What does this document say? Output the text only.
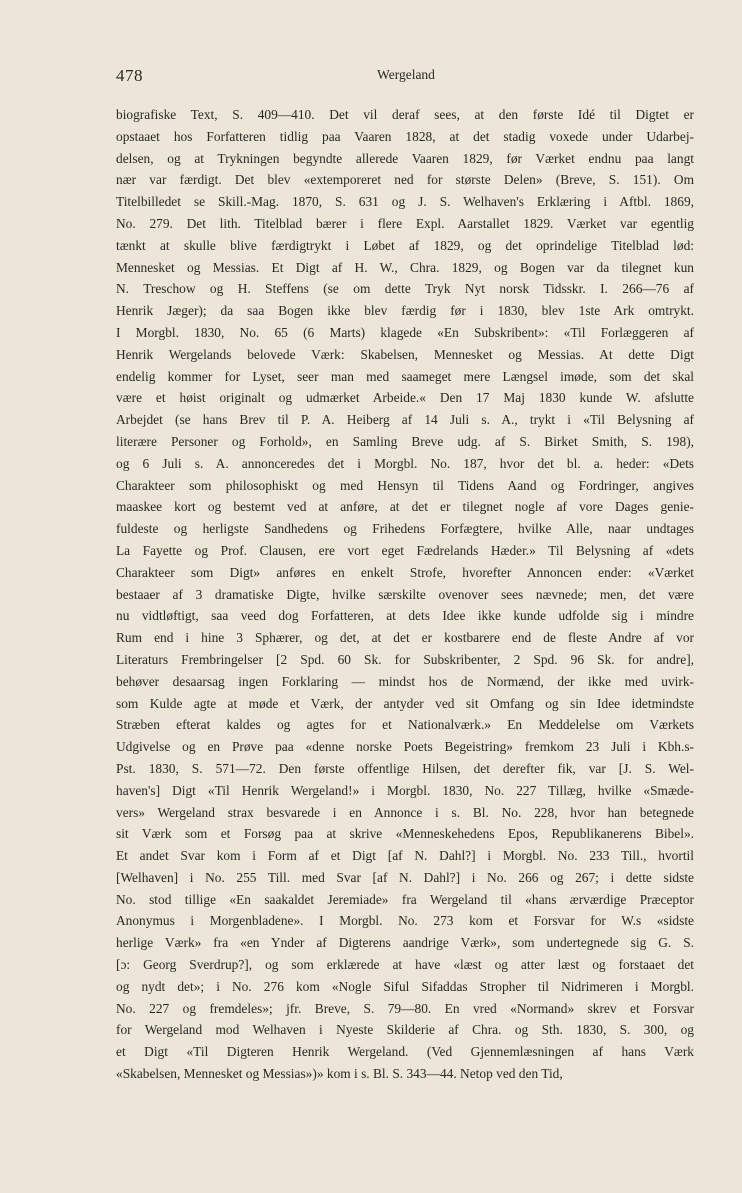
478	Wergeland
biografiske Text, S. 409—410. Det vil deraf sees, at den første Idé til Digtet er
opstaaet hos Forfatteren tidlig paa Vaaren 1828, at det stadig voxede under Udarbej-
delsen, og at Trykningen begyndte allerede Vaaren 1829, før Værket endnu paa langt
nær var færdigt. Det blev «extemporeret ned for største Delen» (Breve, S. 151). Om
Titelbilledet se Skill.-Mag. 1870, S. 631 og J. S. Welhaven's Erklæring i Aftbl. 1869,
No. 279. Det lith. Titelblad bærer i flere Expl. Aarstallet 1829. Værket var egentlig
tænkt at skulle blive færdigtrykt i Løbet af 1829, og det oprindelige Titelblad lød:
Mennesket og Messias. Et Digt af H. W., Chra. 1829, og Bogen var da tilegnet kun
N. Treschow og H. Steffens (se om dette Tryk Nyt norsk Tidsskr. I. 266—76 af
Henrik Jæger); da saa Bogen ikke blev færdig før i 1830, blev 1ste Ark omtrykt.
I Morgbl. 1830, No. 65 (6 Marts) klagede «En Subskribent»: «Til Forlæggeren af
Henrik Wergelands belovede Værk: Skabelsen, Mennesket og Messias. At dette Digt
endelig kommer for Lyset, seer man med saameget mere Længsel imøde, som det skal
være et høist originalt og udmærket Arbeide.« Den 17 Maj 1830 kunde W. afslutte
Arbejdet (se hans Brev til P. A. Heiberg af 14 Juli s. A., trykt i «Til Belysning af
literære Personer og Forhold», en Samling Breve udg. af S. Birket Smith, S. 198),
og 6 Juli s. A. annonceredes det i Morgbl. No. 187, hvor det bl. a. heder: «Dets
Charakteer som philosophiskt og med Hensyn til Tidens Aand og Fordringer, angives
maaskee kort og bestemt ved at anføre, at det er tilegnet nogle af vore Dages genie-
fuldeste og herligste Sandhedens og Frihedens Forfægtere, hvilke Alle, naar undtages
La Fayette og Prof. Clausen, ere vort eget Fædrelands Hæder.» Til Belysning af «dets
Charakteer som Digt» anføres en enkelt Strofe, hvorefter Annoncen ender: «Værket
bestaaer af 3 dramatiske Digte, hvilke særskilte ovenover sees nævnede; men, det være
nu vidtløftigt, saa veed dog Forfatteren, at dets Idee ikke kunde udfolde sig i mindre
Rum end i hine 3 Sphærer, og det, at det er kostbarere end de fleste Andre af vor
Literaturs Frembringelser [2 Spd. 60 Sk. for Subskribenter, 2 Spd. 96 Sk. for andre],
behøver desaarsag ingen Forklaring — mindst hos de Normænd, der ikke med uvirk-
som Kulde agte at møde et Værk, der antyder ved sit Omfang og sin Idee idetmindste
Stræben efterat kaldes og agtes for et Nationalværk.» En Meddelelse om Værkets
Udgivelse og en Prøve paa «denne norske Poets Begeistring» fremkom 23 Juli i Kbh.s-
Pst. 1830, S. 571—72. Den første offentlige Hilsen, det derefter fik, var [J. S. Wel-
haven's] Digt «Til Henrik Wergeland!» i Morgbl. 1830, No. 227 Tillæg, hvilke «Smæde-
vers» Wergeland strax besvarede i en Annonce i s. Bl. No. 228, hvor han betegnede
sit Værk som et Forsøg paa at skrive «Menneskehedens Epos, Republikanerens Bibel».
Et andet Svar kom i Form af et Digt [af N. Dahl?] i Morgbl. No. 233 Till., hvortil
[Welhaven] i No. 255 Till. med Svar [af N. Dahl?] i No. 266 og 267; i dette sidste
No. stod tillige «En saakaldet Jeremiade» fra Wergeland til «hans ærværdige Præceptor
Anonymus i Morgenbladene». I Morgbl. No. 273 kom et Forsvar for W.s «sidste
herlige Værk» fra «en Ynder af Digterens aandrige Værk», som undertegnede sig G. S.
[ɔ: Georg Sverdrup?], og som erklærede at have «læst og atter læst og forstaaet det
og nydt det»; i No. 276 kom «Nogle Siful Sifaddas Stropher til Nidrimeren i Morgbl.
No. 227 og fremdeles»; jfr. Breve, S. 79—80. En vred «Normand» skrev et Forsvar
for Wergeland mod Welhaven i Nyeste Skilderie af Chra. og Sth. 1830, S. 300, og
et Digt «Til Digteren Henrik Wergeland. (Ved Gjennemlæsningen af hans Værk
«Skabelsen, Mennesket og Messias»)» kom i s. Bl. S. 343—44. Netop ved den Tid,
